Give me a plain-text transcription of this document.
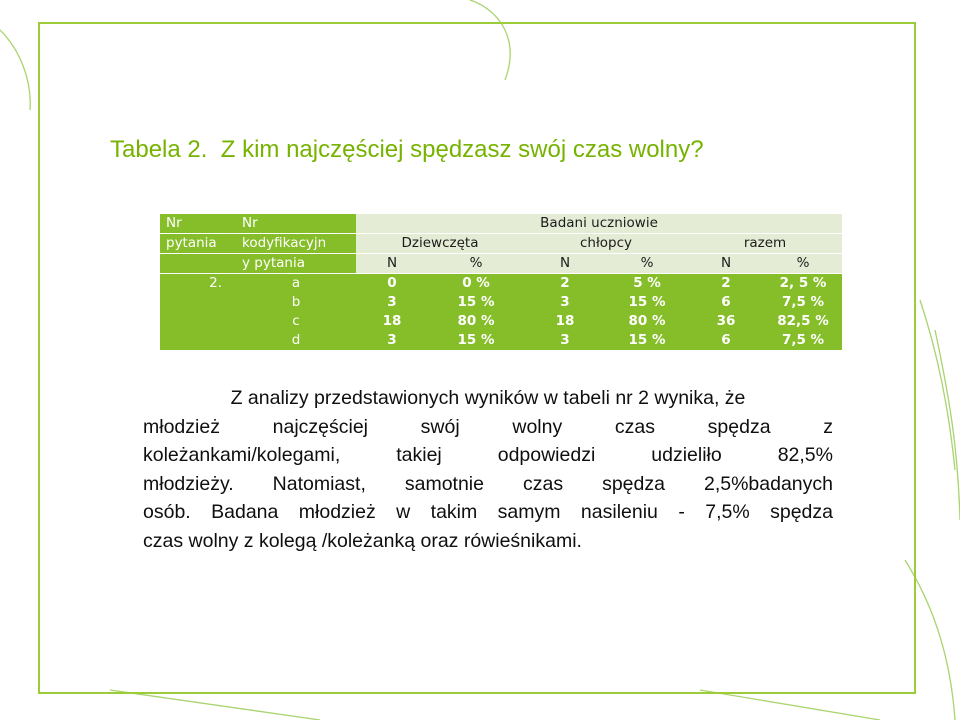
Tabela 2. Z kim najczęściej spędzasz swój czas wolny?
Nr	Nr	Badani uczniowie					
pytania	kodyfikacyjn	Dziewczęta		chłopcy		razem	
	y pytania	N	%	N	%	N	%
2.	a	0	0 %	2	5 %	2	2, 5 %
	b	3	15 %	3	15 %	6	7,5 %
	c	18	80 %	18	80 %	36	82,5 %
	d	3	15 %	3	15 %	6	7,5 %

Z analizy przedstawionych wyników w tabeli nr 2 wynika, że
młodzież najczęściej swój wolny czas spędza z
koleżankami/kolegami, takiej odpowiedzi udzieliło 82,5%
młodzieży. Natomiast, samotnie czas spędza 2,5%badanych
osób. Badana młodzież w takim samym nasileniu - 7,5% spędza
czas wolny z kolegą /koleżanką oraz rówieśnikami.
